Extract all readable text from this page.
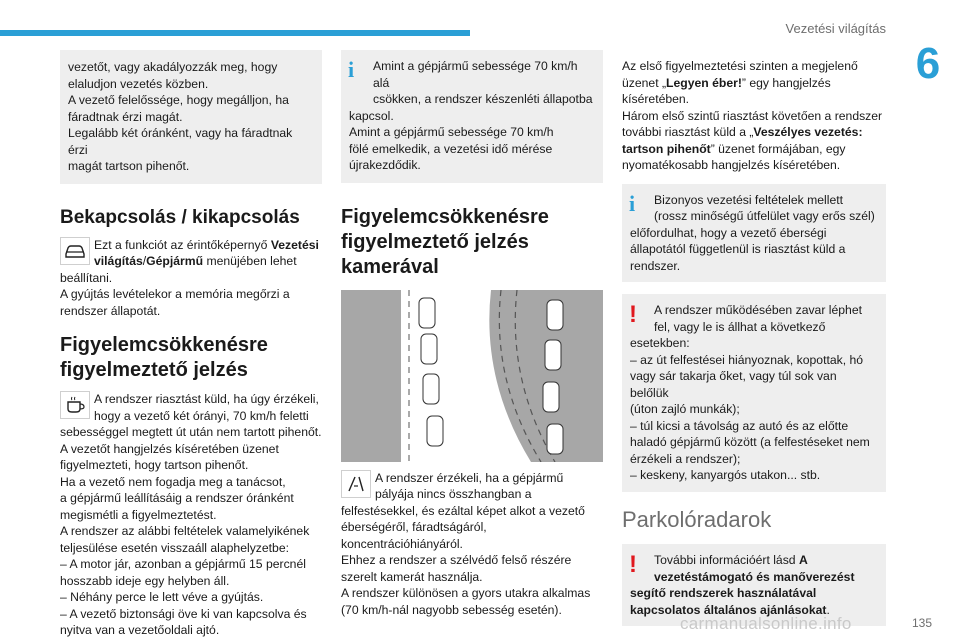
Vezetési világítás
6

vezetőt, vagy akadályozzák meg, hogy

elaludjon vezetés közben.

A vezető felelőssége, hogy megálljon, ha

fáradtnak érzi magát.

Legalább két óránként, vagy ha fáradtnak érzi

magát tartson pihenőt.

Bekapcsolás / kikapcsolás

Ezt a funkciót az érintőképernyő Vezetési

világítás/Gépjármű menüjében lehet

beállítani.

A gyújtás levételekor a memória megőrzi a

rendszer állapotát.

Figyelemcsökkenésre figyelmeztető jelzés

A rendszer riasztást küld, ha úgy érzékeli,

hogy a vezető két órányi, 70 km/h feletti

sebességgel megtett út után nem tartott pihenőt.

A vezetőt hangjelzés kíséretében üzenet

figyelmezteti, hogy tartson pihenőt.

Ha a vezető nem fogadja meg a tanácsot,

a gépjármű leállításáig a rendszer óránként

megismétli a figyelmeztetést.

A rendszer az alábbi feltételek valamelyikének

teljesülése esetén visszaáll alaphelyzetbe:

– A motor jár, azonban a gépjármű 15 percnél

hosszabb ideje egy helyben áll.

– Néhány perce le lett véve a gyújtás.

– A vezető biztonsági öve ki van kapcsolva és

nyitva van a vezetőoldali ajtó.

i	Amint a gépjármű sebessége 70 km/h alá

csökken, a rendszer készenléti állapotba

kapcsol.

Amint a gépjármű sebessége 70 km/h

fölé emelkedik, a vezetési idő mérése

újrakezdődik.

Figyelemcsökkenésre figyelmeztető jelzés kamerával

A rendszer érzékeli, ha a gépjármű

pályája nincs összhangban a

felfestésekkel, és ezáltal képet alkot a vezető

éberségéről, fáradtságáról,

koncentrációhiányáról.

Ehhez a rendszer a szélvédő felső részére

szerelt kamerát használja.

A rendszer különösen a gyors utakra alkalmas

(70 km/h-nál nagyobb sebesség esetén).

Az első figyelmeztetési szinten a megjelenő

üzenet „Legyen éber!” egy hangjelzés

kíséretében.

Három első szintű riasztást követően a rendszer

további riasztást küld a „Veszélyes vezetés:

tartson pihenőt” üzenet formájában, egy

nyomatékosabb hangjelzés kíséretében.

i	Bizonyos vezetési feltételek mellett

(rossz minőségű útfelület vagy erős szél)

előfordulhat, hogy a vezető éberségi

állapotától függetlenül is riasztást küld a

rendszer.

!	A rendszer működésében zavar léphet

fel, vagy le is állhat a következő

esetekben:

– az út felfestései hiányoznak, kopottak, hó

vagy sár takarja őket, vagy túl sok van belőlük

(úton zajló munkák);

– túl kicsi a távolság az autó és az előtte

haladó gépjármű között (a felfestéseket nem

érzékeli a rendszer);

– keskeny, kanyargós utakon... stb.

Parkolóradarok
!	További információért lásd A

vezetéstámogató és manőverezést

segítő rendszerek használatával

kapcsolatos általános ajánlásokat.

carmanualsonline.info	135
